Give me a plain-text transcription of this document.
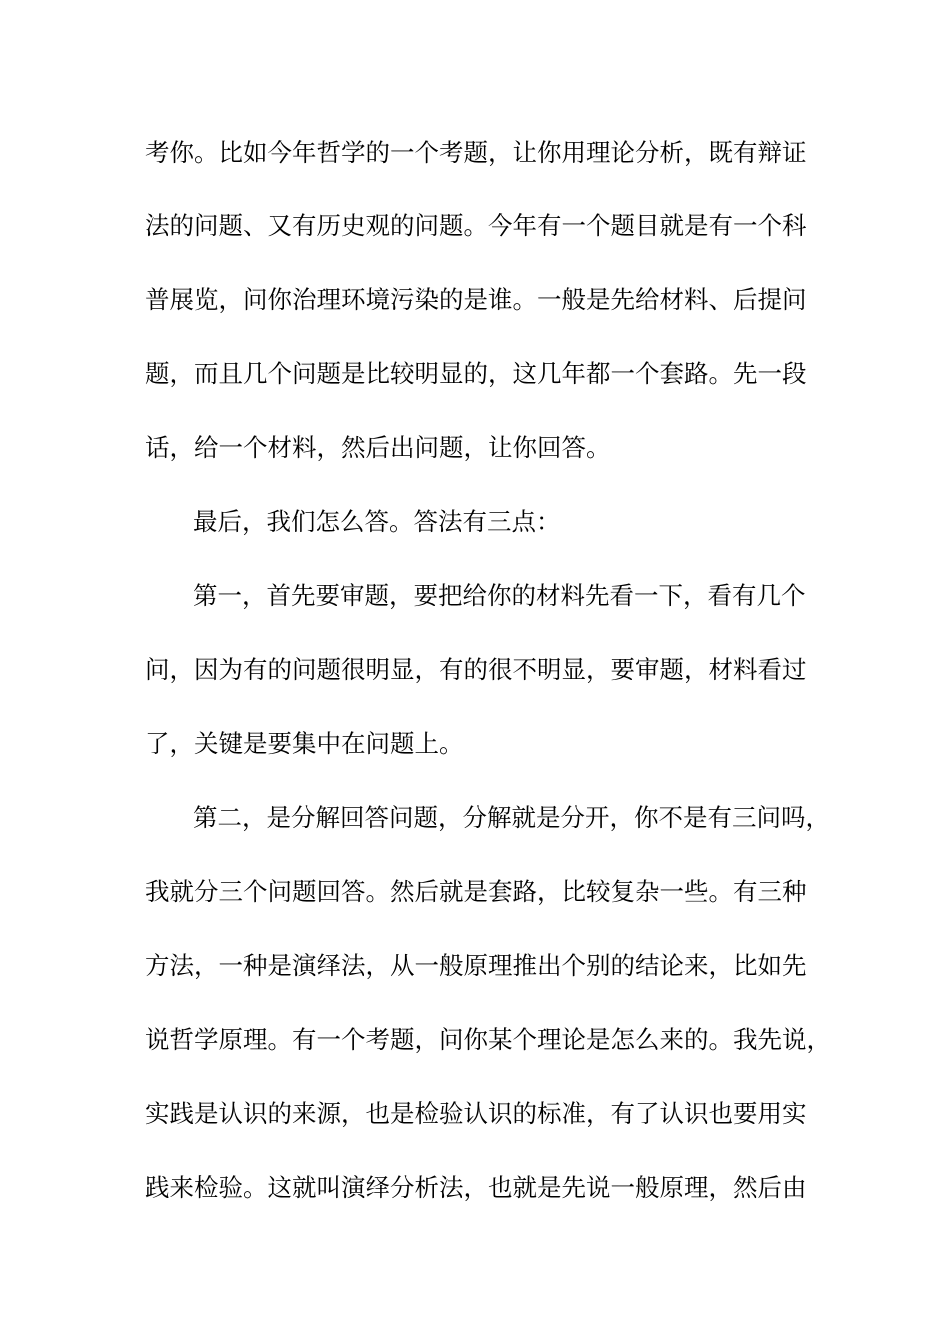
考你。比如今年哲学的一个考题，让你用理论分析，既有辩证
法的问题、又有历史观的问题。今年有一个题目就是有一个科
普展览，问你治理环境污染的是谁。一般是先给材料、后提问
题，而且几个问题是比较明显的，这几年都一个套路。先一段
话，给一个材料，然后出问题，让你回答。
最后，我们怎么答。答法有三点：
第一，首先要审题，要把给你的材料先看一下，看有几个
问，因为有的问题很明显，有的很不明显，要审题，材料看过
了，关键是要集中在问题上。
第二，是分解回答问题，分解就是分开，你不是有三问吗，
我就分三个问题回答。然后就是套路，比较复杂一些。有三种
方法，一种是演绎法，从一般原理推出个别的结论来，比如先
说哲学原理。有一个考题，问你某个理论是怎么来的。我先说，
实践是认识的来源，也是检验认识的标准，有了认识也要用实
践来检验。这就叫演绎分析法，也就是先说一般原理，然后由
